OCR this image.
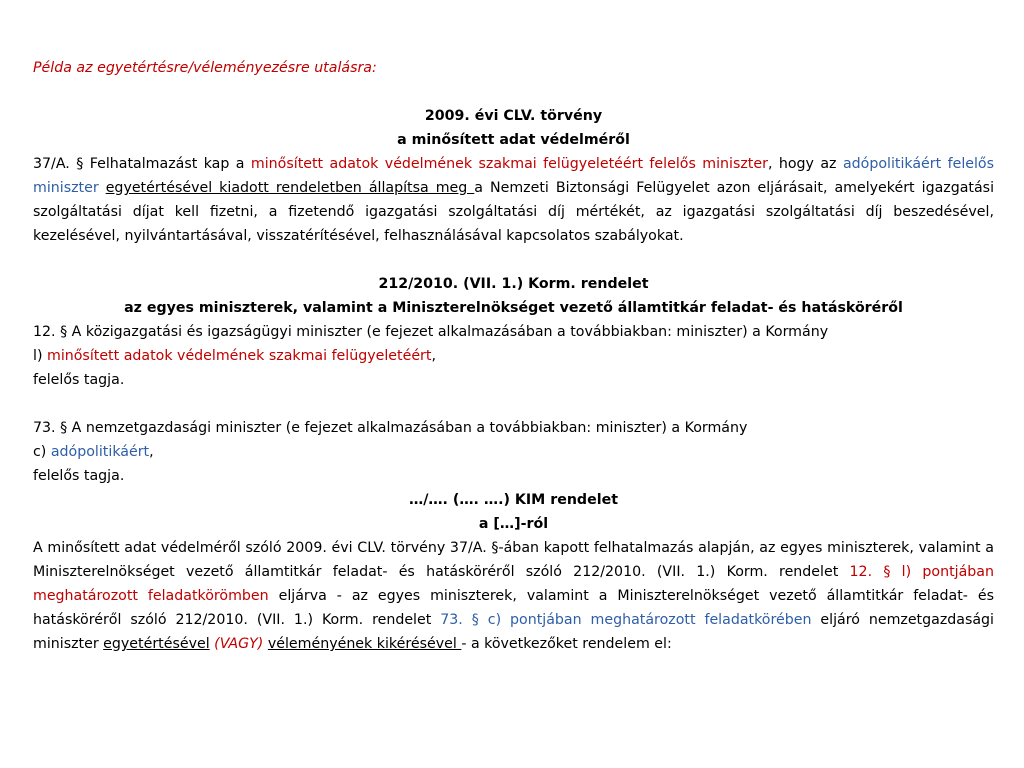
Példa az egyetértésre/véleményezésre utalásra:

2009. évi CLV. törvény

a minősített adat védelméről

37/A. § Felhatalmazást kap a minősített adatok védelmének szakmai felügyeletéért felelős miniszter, hogy az adópolitikáért felelős miniszter egyetértésével kiadott rendeletben állapítsa meg a Nemzeti Biztonsági Felügyelet azon eljárásait, amelyekért igazgatási szolgáltatási díjat kell fizetni, a fizetendő igazgatási szolgáltatási díj mértékét, az igazgatási szolgáltatási díj beszedésével, kezelésével, nyilvántartásával, visszatérítésével, felhasználásával kapcsolatos szabályokat.

212/2010. (VII. 1.) Korm. rendelet

az egyes miniszterek, valamint a Miniszterelnökséget vezető államtitkár feladat- és hatásköréről

12. § A közigazgatási és igazságügyi miniszter (e fejezet alkalmazásában a továbbiakban: miniszter) a Kormány

l) minősített adatok védelmének szakmai felügyeletéért,

felelős tagja.

73. § A nemzetgazdasági miniszter (e fejezet alkalmazásában a továbbiakban: miniszter) a Kormány

c) adópolitikáért,

felelős tagja.

…/…. (…. ….) KIM rendelet

a […]-ról

A minősített adat védelméről szóló 2009. évi CLV. törvény 37/A. §-ában kapott felhatalmazás alapján, az egyes miniszterek, valamint a Miniszterelnökséget vezető államtitkár feladat- és hatásköréről szóló 212/2010. (VII. 1.) Korm. rendelet 12. § l) pontjában meghatározott feladatkörömben eljárva - az egyes miniszterek, valamint a Miniszterelnökséget vezető államtitkár feladat- és hatásköréről szóló 212/2010. (VII. 1.) Korm. rendelet 73. § c) pontjában meghatározott feladatkörében eljáró nemzetgazdasági miniszter egyetértésével (VAGY) véleményének kikérésével - a következőket rendelem el:
